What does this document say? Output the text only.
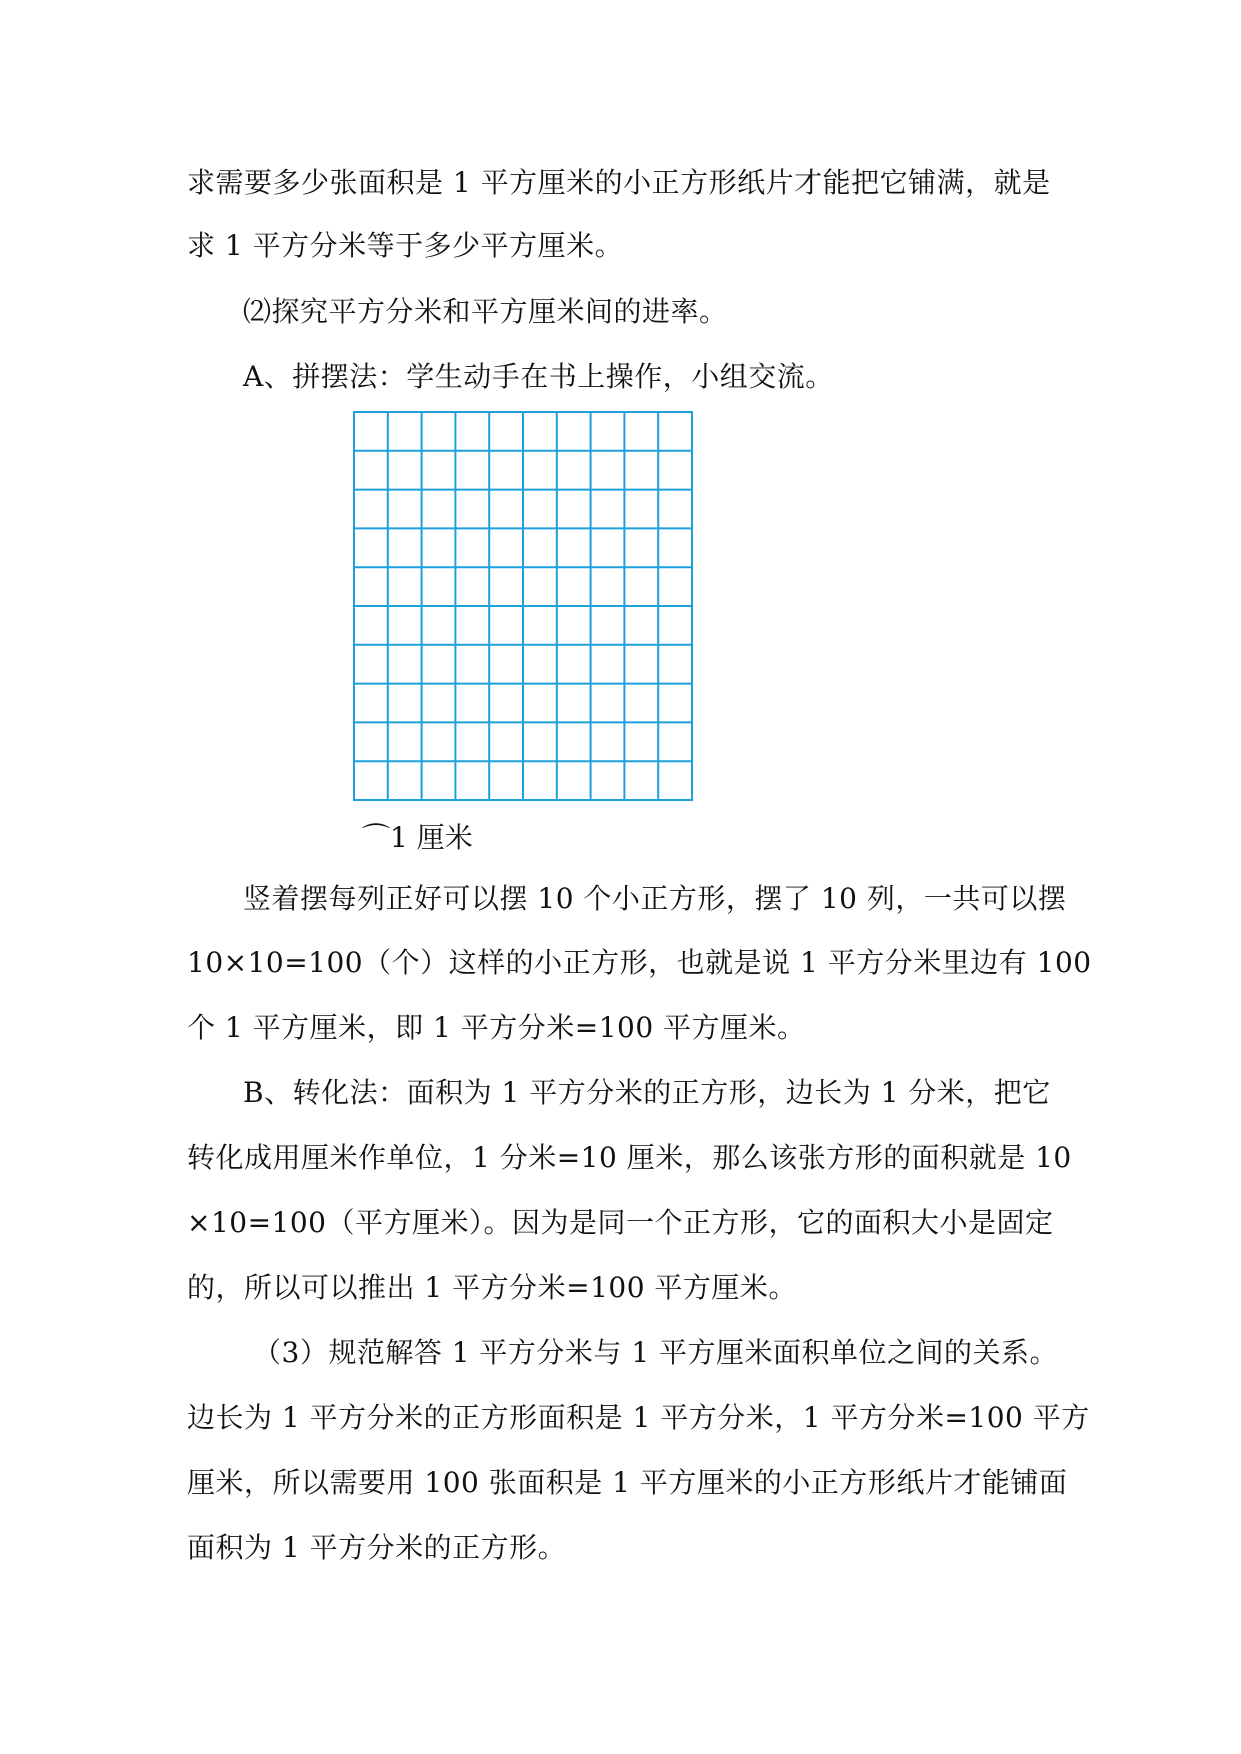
求需要多少张面积是 1 平方厘米的小正方形纸片才能把它铺满，就是
求 1 平方分米等于多少平方厘米。
⑵探究平方分米和平方厘米间的进率。
A、拼摆法：学生动手在书上操作，小组交流。
⌒1 厘米
竖着摆每列正好可以摆 10 个小正方形，摆了 10 列，一共可以摆
10×10=100（个）这样的小正方形，也就是说 1 平方分米里边有 100
个 1 平方厘米，即 1 平方分米=100 平方厘米。
B、转化法：面积为 1 平方分米的正方形，边长为 1 分米，把它
转化成用厘米作单位，1 分米=10 厘米，那么该张方形的面积就是 10
×10=100（平方厘米）。因为是同一个正方形，它的面积大小是固定
的，所以可以推出 1 平方分米=100 平方厘米。
（3）规范解答 1 平方分米与 1 平方厘米面积单位之间的关系。
边长为 1 平方分米的正方形面积是 1 平方分米，1 平方分米=100 平方
厘米，所以需要用 100 张面积是 1 平方厘米的小正方形纸片才能铺面
面积为 1 平方分米的正方形。
